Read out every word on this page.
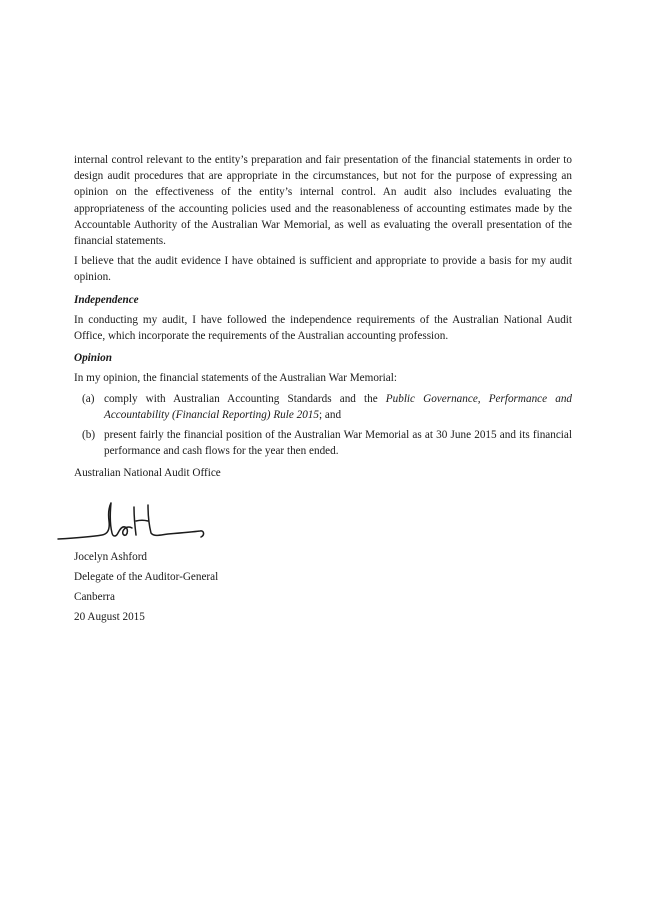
internal control relevant to the entity’s preparation and fair presentation of the financial statements in order to design audit procedures that are appropriate in the circumstances, but not for the purpose of expressing an opinion on the effectiveness of the entity’s internal control. An audit also includes evaluating the appropriateness of the accounting policies used and the reasonableness of accounting estimates made by the Accountable Authority of the Australian War Memorial, as well as evaluating the overall presentation of the financial statements.

I believe that the audit evidence I have obtained is sufficient and appropriate to provide a basis for my audit opinion.

Independence

In conducting my audit, I have followed the independence requirements of the Australian National Audit Office, which incorporate the requirements of the Australian accounting profession.

Opinion

In my opinion, the financial statements of the Australian War Memorial:

(a) comply with Australian Accounting Standards and the Public Governance, Performance and Accountability (Financial Reporting) Rule 2015; and
(b) present fairly the financial position of the Australian War Memorial as at 30 June 2015 and its financial performance and cash flows for the year then ended.

Australian National Audit Office

Jocelyn Ashford

Delegate of the Auditor-General

Canberra

20 August 2015
